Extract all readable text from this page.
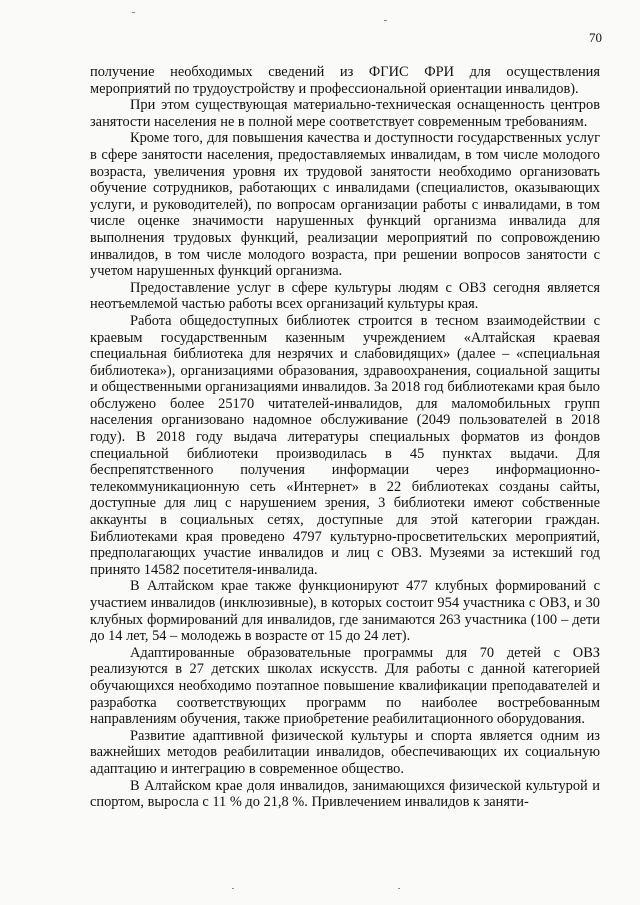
70

получение необходимых сведений из ФГИС ФРИ для осуществления мероприятий по трудоустройству и профессиональной ориентации инвалидов).

При этом существующая материально-техническая оснащенность центров занятости населения не в полной мере соответствует современным требованиям.

Кроме того, для повышения качества и доступности государственных услуг в сфере занятости населения, предоставляемых инвалидам, в том числе молодого возраста, увеличения уровня их трудовой занятости необходимо организовать обучение сотрудников, работающих с инвалидами (специалистов, оказывающих услуги, и руководителей), по вопросам организации работы с инвалидами, в том числе оценке значимости нарушенных функций организма инвалида для выполнения трудовых функций, реализации мероприятий по сопровождению инвалидов, в том числе молодого возраста, при решении вопросов занятости с учетом нарушенных функций организма.

Предоставление услуг в сфере культуры людям с ОВЗ сегодня является неотъемлемой частью работы всех организаций культуры края.

Работа общедоступных библиотек строится в тесном взаимодействии с краевым государственным казенным учреждением «Алтайская краевая специальная библиотека для незрячих и слабовидящих» (далее – «специальная библиотека»), организациями образования, здравоохранения, социальной защиты и общественными организациями инвалидов. За 2018 год библиотеками края было обслужено более 25170 читателей-инвалидов, для маломобильных групп населения организовано надомное обслуживание (2049 пользователей в 2018 году). В 2018 году выдача литературы специальных форматов из фондов специальной библиотеки производилась в 45 пунктах выдачи. Для беспрепятственного получения информации через информационно-телекоммуникационную сеть «Интернет» в 22 библиотеках созданы сайты, доступные для лиц с нарушением зрения, 3 библиотеки имеют собственные аккаунты в социальных сетях, доступные для этой категории граждан. Библиотеками края проведено 4797 культурно-просветительских мероприятий, предполагающих участие инвалидов и лиц с ОВЗ. Музеями за истекший год принято 14582 посетителя-инвалида.

В Алтайском крае также функционируют 477 клубных формирований с участием инвалидов (инклюзивные), в которых состоит 954 участника с ОВЗ, и 30 клубных формирований для инвалидов, где занимаются 263 участника (100 – дети до 14 лет, 54 – молодежь в возрасте от 15 до 24 лет).

Адаптированные образовательные программы для 70 детей с ОВЗ реализуются в 27 детских школах искусств. Для работы с данной категорией обучающихся необходимо поэтапное повышение квалификации преподавателей и разработка соответствующих программ по наиболее востребованным направлениям обучения, также приобретение реабилитационного оборудования.

Развитие адаптивной физической культуры и спорта является одним из важнейших методов реабилитации инвалидов, обеспечивающих их социальную адаптацию и интеграцию в современное общество.

В Алтайском крае доля инвалидов, занимающихся физической культурой и спортом, выросла с 11 % до 21,8 %. Привлечением инвалидов к заняти-
